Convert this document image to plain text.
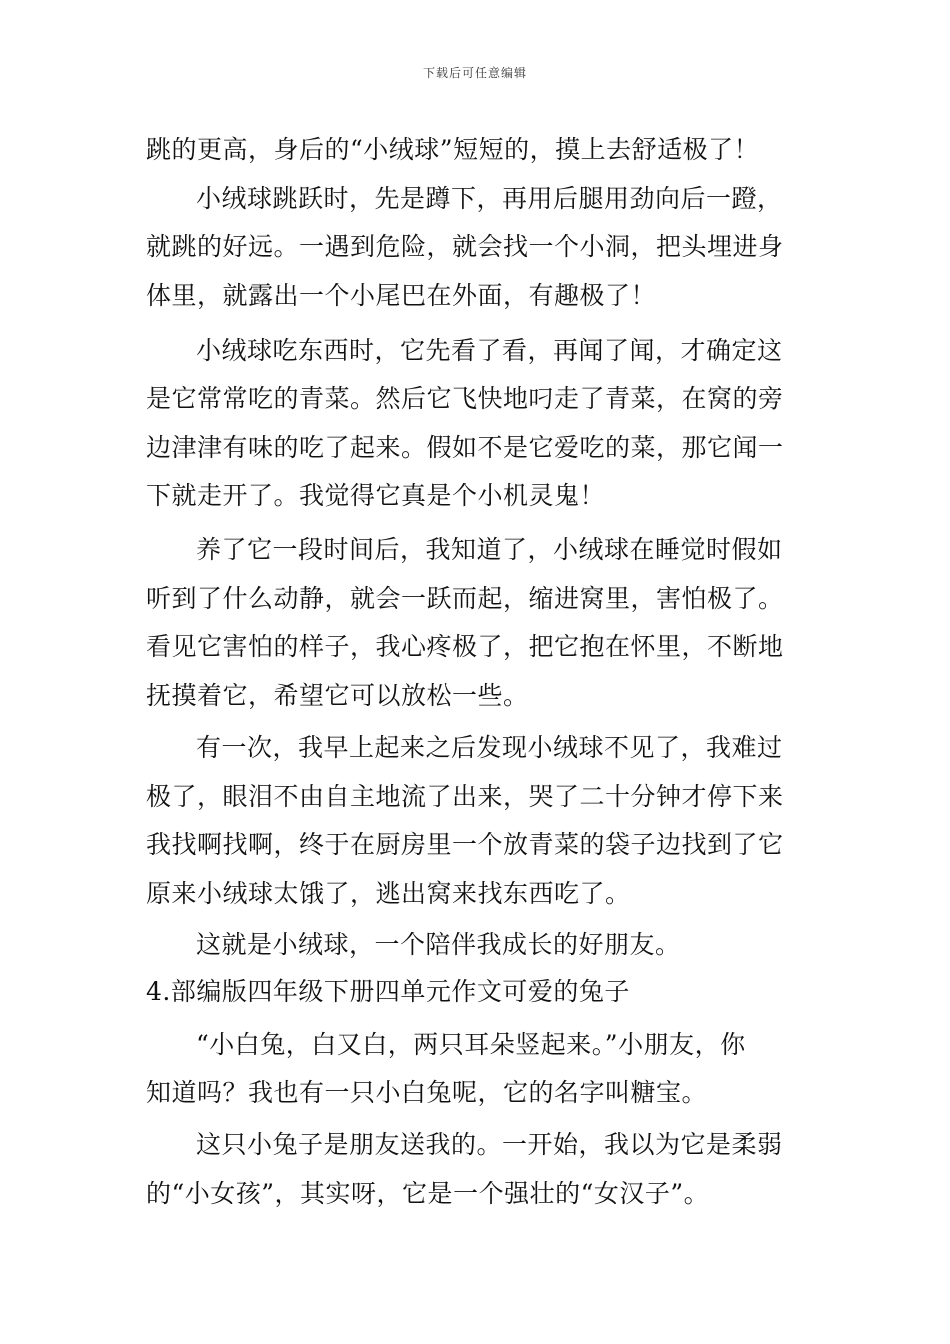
下载后可任意编辑
跳的更高，身后的“小绒球”短短的，摸上去舒适极了！
小绒球跳跃时，先是蹲下，再用后腿用劲向后一蹬，
就跳的好远。一遇到危险，就会找一个小洞，把头埋进身
体里，就露出一个小尾巴在外面，有趣极了！
小绒球吃东西时，它先看了看，再闻了闻，才确定这
是它常常吃的青菜。然后它飞快地叼走了青菜，在窝的旁
边津津有味的吃了起来。假如不是它爱吃的菜，那它闻一
下就走开了。我觉得它真是个小机灵鬼！
养了它一段时间后，我知道了，小绒球在睡觉时假如
听到了什么动静，就会一跃而起，缩进窝里，害怕极了。
看见它害怕的样子，我心疼极了，把它抱在怀里，不断地
抚摸着它，希望它可以放松一些。
有一次，我早上起来之后发现小绒球不见了，我难过
极了，眼泪不由自主地流了出来，哭了二十分钟才停下来
我找啊找啊，终于在厨房里一个放青菜的袋子边找到了它
原来小绒球太饿了，逃出窝来找东西吃了。
这就是小绒球，一个陪伴我成长的好朋友。
4.部编版四年级下册四单元作文可爱的兔子
“小白兔，白又白，两只耳朵竖起来。”小朋友，你
知道吗？我也有一只小白兔呢，它的名字叫糖宝。
这只小兔子是朋友送我的。一开始，我以为它是柔弱
的“小女孩”，其实呀，它是一个强壮的“女汉子”。
